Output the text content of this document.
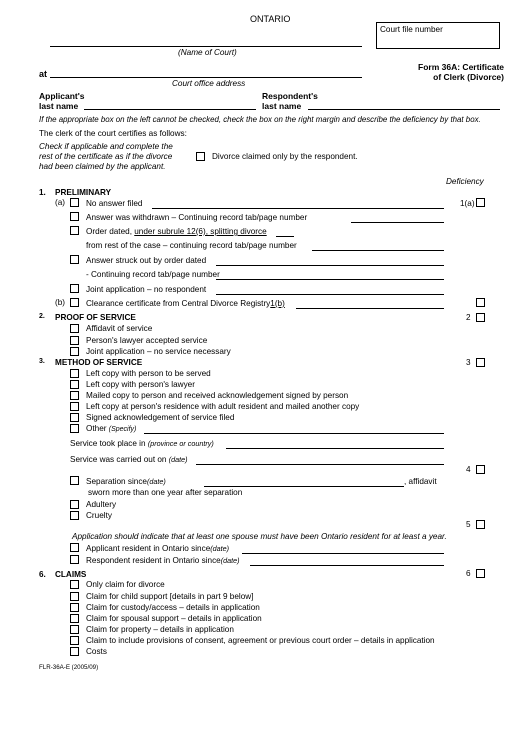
ONTARIO
Court file number
(Name of Court)
at
Court office address
Form 36A: Certificate
of Clerk (Divorce)
Applicant's
last name
Respondent's
last name
If the appropriate box on the left cannot be checked, check the box on the right margin and describe the deficiency by that box.
The clerk of the court certifies as follows:
Check if applicable and complete the
rest of the certificate as if the divorce
had been claimed by the applicant.
Divorce claimed only by the respondent.
Deficiency
1. PRELIMINARY
(a)	No answer filed	1(a)
Answer was withdrawn – Continuing record tab/page number
Order dated, under subrule 12(6), splitting divorce
from rest of the case – continuing record tab/page number
Answer struck out by order dated
- Continuing record tab/page number
Joint application – no respondent
(b)	Clearance certificate from Central Divorce Registry1(b)
2. PROOF OF SERVICE	2
Affidavit of service
Person's lawyer accepted service
Joint application – no service necessary
3. METHOD OF SERVICE	3
Left copy with person to be served
Left copy with person's lawyer
Mailed copy to person and received acknowledgement signed by person
Left copy at person's residence with adult resident and mailed another copy
Signed acknowledgement of service filed
Other (Specify)
Service took place in (province or country)
Service was carried out on (date)
4
Separation since(date)	, affidavit
sworn more than one year after separation
Adultery
Cruelty
5
Application should indicate that at least one spouse must have been Ontario resident for at least a year.
Applicant resident in Ontario since(date)
Respondent resident in Ontario since(date)
6. CLAIMS	6
Only claim for divorce
Claim for child support [details in part 9 below]
Claim for custody/access – details in application
Claim for spousal support – details in application
Claim for property – details in application
Claim to include provisions of consent, agreement or previous court order – details in application
Costs
FLR-36A-E (2005/09)
